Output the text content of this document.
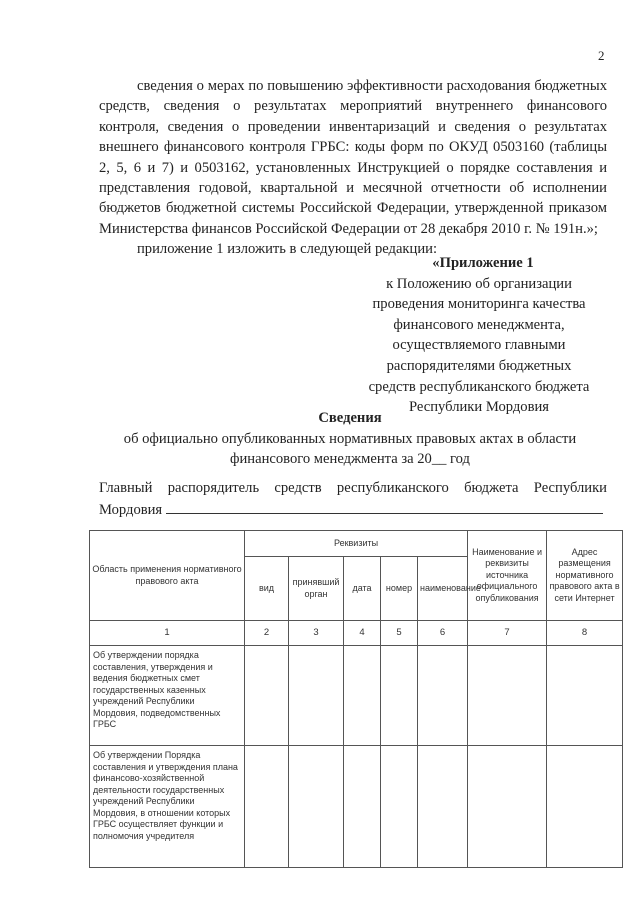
2

сведения о мерах по повышению эффективности расходования бюджетных средств, сведения о результатах мероприятий внутреннего финансового контроля, сведения о проведении инвентаризаций и сведения о результатах внешнего финансового контроля ГРБС: коды форм по ОКУД 0503160 (таблицы 2, 5, 6 и 7) и 0503162, установленных Инструкцией о порядке составления и представления годовой, квартальной и месячной отчетности об исполнении бюджетов бюджетной системы Российской Федерации, утвержденной приказом Министерства финансов Российской Федерации от 28 декабря 2010 г. № 191н.»;

приложение 1 изложить в следующей редакции:

«Приложение 1
к Положению об организации
проведения мониторинга качества
финансового менеджмента,
осуществляемого главными
распорядителями бюджетных
средств республиканского бюджета
Республики Мордовия
Сведения
об официально опубликованных нормативных правовых актах в области
финансового менеджмента за 20__ год
Главный распорядитель средств республиканского бюджета Республики Мордовия
Область применения нормативного правового акта	Реквизиты					Наименование и реквизиты источника официального опубликования	Адрес размещения нормативного правового акта в сети Интернет
	вид	принявший орган	дата	номер	наименование		
1	2	3	4	5	6	7	8
Об утверждении порядка составления, утверждения и ведения бюджетных смет государственных казенных учреждений Республики Мордовия, подведомственных ГРБС							
Об утверждении Порядка составления и утверждения плана финансово-хозяйственной деятельности государственных учреждений Республики Мордовия, в отношении которых ГРБС осуществляет функции и полномочия учредителя							
